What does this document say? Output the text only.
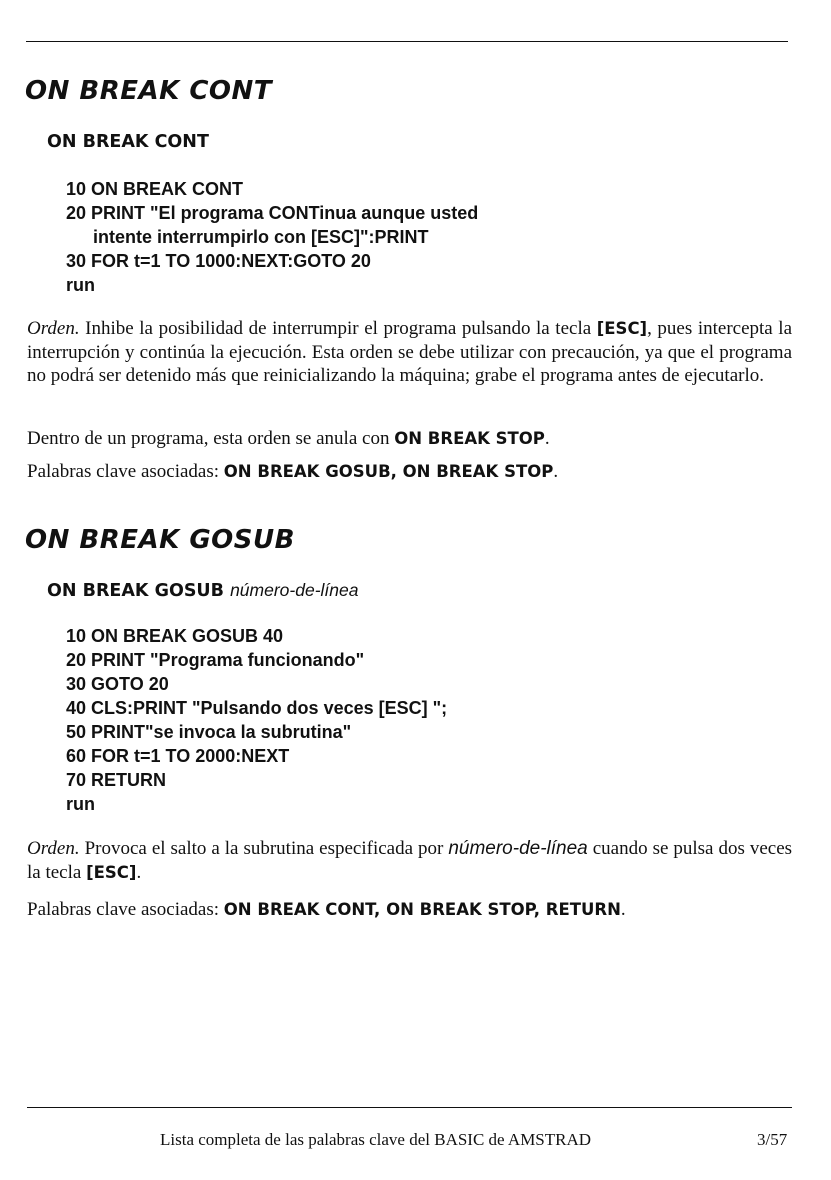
ON BREAK CONT
ON BREAK CONT
10 ON BREAK CONT
20 PRINT "El programa CONTinua aunque usted
intente interrumpirlo con [ESC]":PRINT
30 FOR t=1 TO 1000:NEXT:GOTO 20
run
Orden. Inhibe la posibilidad de interrumpir el programa pulsando la tecla [ESC], pues intercepta la interrupción y continúa la ejecución. Esta orden se debe utilizar con precaución, ya que el programa no podrá ser detenido más que reinicializando la máquina; grabe el programa antes de ejecutarlo.
Dentro de un programa, esta orden se anula con ON BREAK STOP.
Palabras clave asociadas: ON BREAK GOSUB, ON BREAK STOP.
ON BREAK GOSUB
ON BREAK GOSUB número-de-línea
10 ON BREAK GOSUB 40
20 PRINT "Programa funcionando"
30 GOTO 20
40 CLS:PRINT "Pulsando dos veces [ESC] ";
50 PRINT"se invoca la subrutina"
60 FOR t=1 TO 2000:NEXT
70 RETURN
run
Orden. Provoca el salto a la subrutina especificada por número-de-línea cuando se pulsa dos veces la tecla [ESC].
Palabras clave asociadas: ON BREAK CONT, ON BREAK STOP, RETURN.
Lista completa de las palabras clave del BASIC de AMSTRAD	3/57
